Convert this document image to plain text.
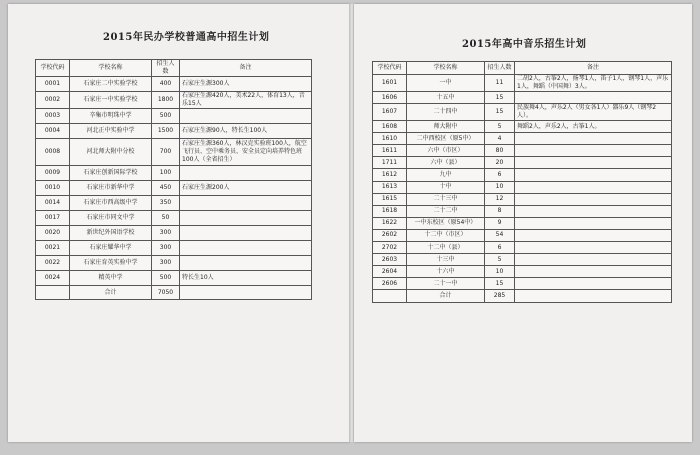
2015年民办学校普通高中招生计划
学校代码	学校名称	招生人数	备注
0001	石家庄二中实验学校	400	石家庄生源300人
0002	石家庄一中实验学校	1800	石家庄生源420人，美术22人，体育13人，音乐15人
0003	辛集市明珠中学	500	
0004	河北正中实验中学	1500	石家庄生源90人，特长生100人
0008	河北师大附中分校	700	石家庄生源360人，林汉克实验班100人，航空飞行员、空中乘务员、安全员定向培养特色班100人（全省招生）
0009	石家庄创新国际学校	100	
0010	石家庄市新华中学	450	石家庄生源200人
0014	石家庄市西高级中学	350	
0017	石家庄市同文中学	50	
0020	新世纪外国语学校	300	
0021	石家庄耀华中学	300	
0022	石家庄育英实验中学	300	
0024	精英中学	500	特长生10人
	合计	7050	
2015年高中音乐招生计划
学校代码	学校名称	招生人数	备注
1601	一中	11	二胡2人，古筝2人，扬琴1人，笛子1人，钢琴1人，声乐1人，舞蹈（中国舞）3人。
1606	十五中	15	
1607	二十四中	15	民族舞4人，声乐2人（男女各1人）器乐9人（钢琴2人）。
1608	师大附中	5	舞蹈2人，声乐2人，古筝1人。
1610	二中西校区（原5中）	4	
1611	六中（市区）	80	
1711	六中（县）	20	
1612	九中	6	
1613	十中	10	
1615	二十三中	12	
1618	二十二中	8	
1622	一中东校区（原54中）	9	
2602	十二中（市区）	54	
2702	十二中（县）	6	
2603	十三中	5	
2604	十六中	10	
2606	二十一中	15	
	合计	285	
